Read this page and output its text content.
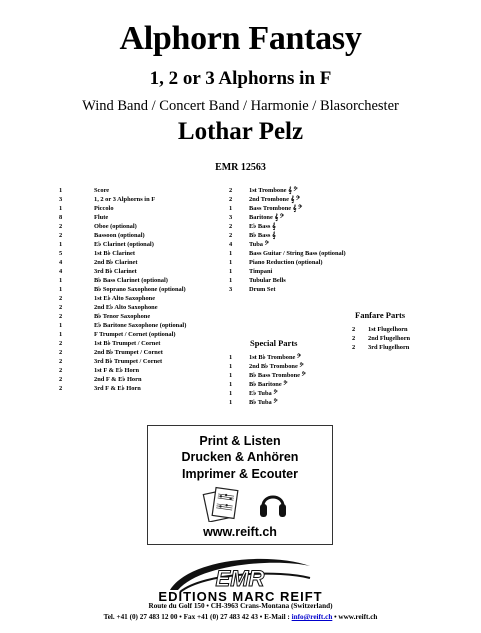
Alphorn Fantasy
1, 2 or 3 Alphorns in F
Wind Band / Concert Band / Harmonie / Blasorchester
Lothar Pelz
EMR 12563
1	Score
3	1, 2 or 3 Alphorns in F
1	Piccolo
8	Flute
2	Oboe (optional)
2	Bassoon (optional)
1	E♭ Clarinet (optional)
5	1st B♭ Clarinet
4	2nd B♭ Clarinet
4	3rd B♭ Clarinet
1	B♭ Bass Clarinet (optional)
1	B♭ Soprano Saxophone (optional)
2	1st E♭ Alto Saxophone
2	2nd E♭ Alto Saxophone
2	B♭ Tenor Saxophone
1	E♭ Baritone Saxophone (optional)
1	F Trumpet / Cornet (optional)
2	1st B♭ Trumpet / Cornet
2	2nd B♭ Trumpet / Cornet
2	3rd B♭ Trumpet / Cornet
2	1st F & E♭ Horn
2	2nd F & E♭ Horn
2	3rd F & E♭ Horn
2	1st Trombone 𝄞 𝄢
2	2nd Trombone 𝄞 𝄢
1	Bass Trombone 𝄞 𝄢
3	Baritone 𝄞 𝄢
2	E♭ Bass 𝄞
2	B♭ Bass 𝄞
4	Tuba 𝄢
1	Bass Guitar / String Bass (optional)
1	Piano Reduction (optional)
1	Timpani
1	Tubular Bells
3	Drum Set
Fanfare Parts
2	1st Flugelhorn
2	2nd Flugelhorn
2	3rd Flugelhorn
Special Parts
1	1st B♭ Trombone 𝄢
1	2nd B♭ Trombone 𝄢
1	B♭ Bass Trombone 𝄢
1	B♭ Baritone 𝄢
1	E♭ Tuba 𝄢
1	B♭ Tuba 𝄢
Print & Listen
Drucken & Anhören
Imprimer & Ecouter
www.reift.ch
EMR
EDITIONS MARC REIFT
Route du Golf 150 • CH-3963 Crans-Montana (Switzerland)
Tel. +41 (0) 27 483 12 00 • Fax +41 (0) 27 483 42 43 • E-Mail : info@reift.ch • www.reift.ch
